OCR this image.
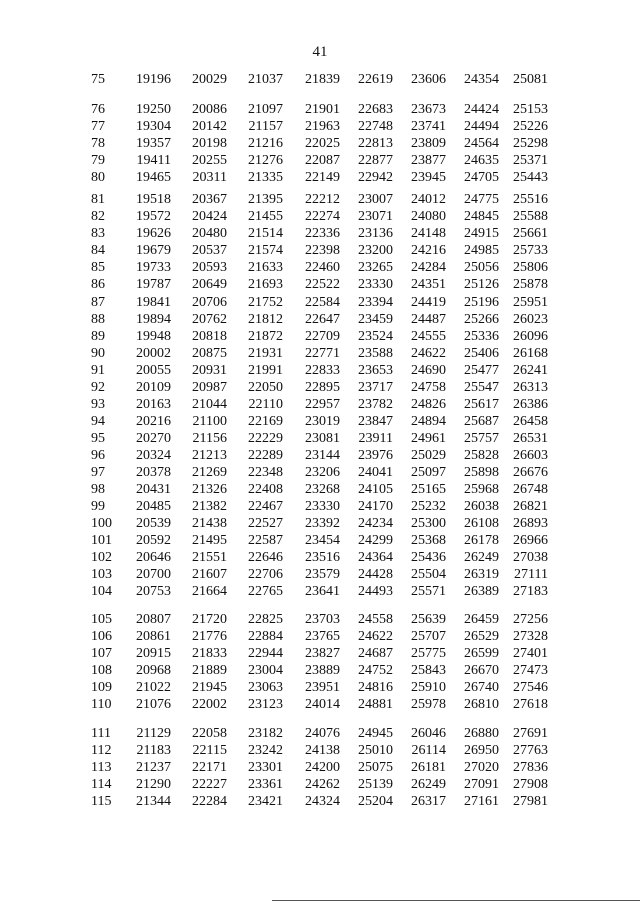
41
75 19196 20029 21037 21839 22619 23606 24354 25081
76 19250 20086 21097 21901 22683 23673 24424 25153
77 19304 20142 21157 21963 22748 23741 24494 25226
78 19357 20198 21216 22025 22813 23809 24564 25298
79 19411 20255 21276 22087 22877 23877 24635 25371
80 19465 20311 21335 22149 22942 23945 24705 25443
81 19518 20367 21395 22212 23007 24012 24775 25516
82 19572 20424 21455 22274 23071 24080 24845 25588
83 19626 20480 21514 22336 23136 24148 24915 25661
84 19679 20537 21574 22398 23200 24216 24985 25733
85 19733 20593 21633 22460 23265 24284 25056 25806
86 19787 20649 21693 22522 23330 24351 25126 25878
87 19841 20706 21752 22584 23394 24419 25196 25951
88 19894 20762 21812 22647 23459 24487 25266 26023
89 19948 20818 21872 22709 23524 24555 25336 26096
90 20002 20875 21931 22771 23588 24622 25406 26168
91 20055 20931 21991 22833 23653 24690 25477 26241
92 20109 20987 22050 22895 23717 24758 25547 26313
93 20163 21044 22110 22957 23782 24826 25617 26386
94 20216 21100 22169 23019 23847 24894 25687 26458
95 20270 21156 22229 23081 23911 24961 25757 26531
96 20324 21213 22289 23144 23976 25029 25828 26603
97 20378 21269 22348 23206 24041 25097 25898 26676
98 20431 21326 22408 23268 24105 25165 25968 26748
99 20485 21382 22467 23330 24170 25232 26038 26821
100 20539 21438 22527 23392 24234 25300 26108 26893
101 20592 21495 22587 23454 24299 25368 26178 26966
102 20646 21551 22646 23516 24364 25436 26249 27038
103 20700 21607 22706 23579 24428 25504 26319 27111
104 20753 21664 22765 23641 24493 25571 26389 27183
105 20807 21720 22825 23703 24558 25639 26459 27256
106 20861 21776 22884 23765 24622 25707 26529 27328
107 20915 21833 22944 23827 24687 25775 26599 27401
108 20968 21889 23004 23889 24752 25843 26670 27473
109 21022 21945 23063 23951 24816 25910 26740 27546
110 21076 22002 23123 24014 24881 25978 26810 27618
111 21129 22058 23182 24076 24945 26046 26880 27691
112 21183 22115 23242 24138 25010 26114 26950 27763
113 21237 22171 23301 24200 25075 26181 27020 27836
114 21290 22227 23361 24262 25139 26249 27091 27908
115 21344 22284 23421 24324 25204 26317 27161 27981
